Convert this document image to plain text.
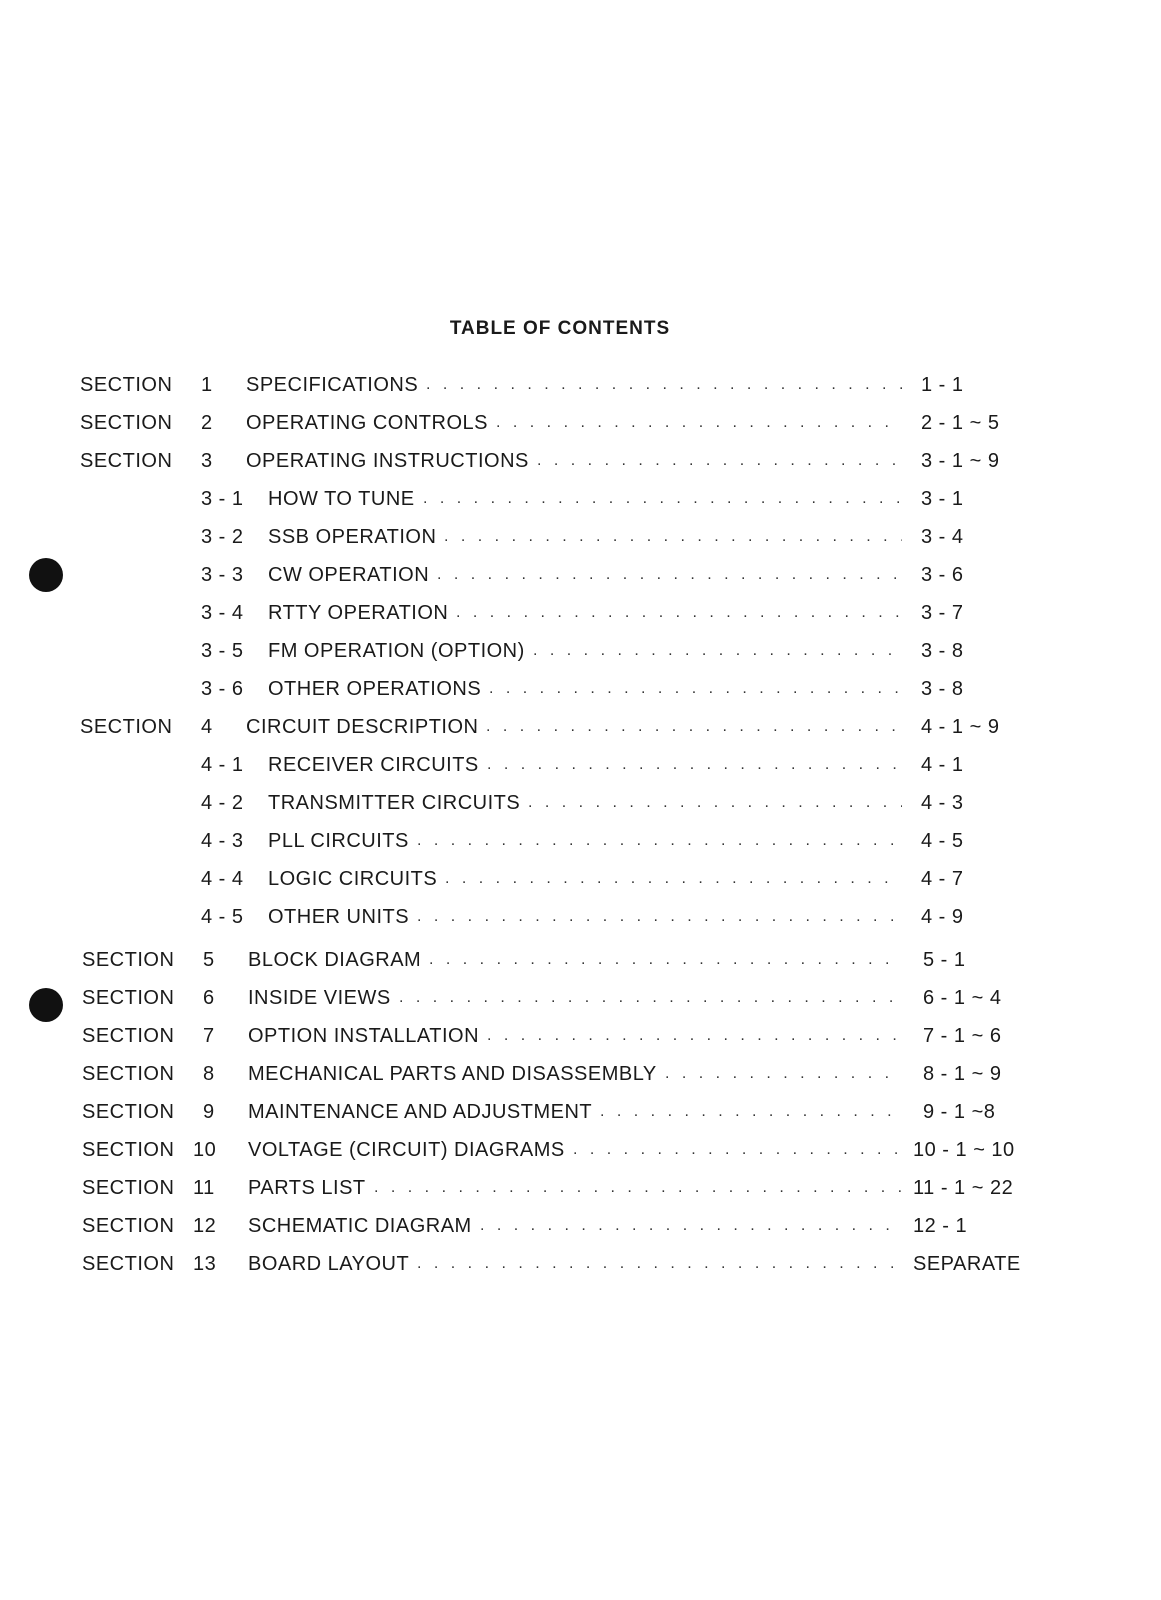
TABLE OF CONTENTS
SECTION 1 SPECIFICATIONS . . .	1 - 1
SECTION 2 OPERATING CONTROLS . . .	2 - 1 ~ 5
SECTION 3 OPERATING INSTRUCTIONS . . .	3 - 1 ~ 9
3 - 1 HOW TO TUNE . . .	3 - 1
3 - 2 SSB OPERATION . . .	3 - 4
3 - 3 CW OPERATION . . .	3 - 6
3 - 4 RTTY OPERATION . . .	3 - 7
3 - 5 FM OPERATION (OPTION) . . .	3 - 8
3 - 6 OTHER OPERATIONS . . .	3 - 8
SECTION 4 CIRCUIT DESCRIPTION . . .	4 - 1 ~ 9
4 - 1 RECEIVER CIRCUITS . . .	4 - 1
4 - 2 TRANSMITTER CIRCUITS . . .	4 - 3
4 - 3 PLL CIRCUITS . . .	4 - 5
4 - 4 LOGIC CIRCUITS . . .	4 - 7
4 - 5 OTHER UNITS . . .	4 - 9
SECTION 5 BLOCK DIAGRAM . . .	5 - 1
SECTION 6 INSIDE VIEWS . . .	6 - 1 ~ 4
SECTION 7 OPTION INSTALLATION . . .	7 - 1 ~ 6
SECTION 8 MECHANICAL PARTS AND DISASSEMBLY . . .	8 - 1 ~ 9
SECTION 9 MAINTENANCE AND ADJUSTMENT . . .	9 - 1 ~8
SECTION 10 VOLTAGE (CIRCUIT) DIAGRAMS . . .	10 - 1 ~ 10
SECTION 11 PARTS LIST . . .	11 - 1 ~ 22
SECTION 12 SCHEMATIC DIAGRAM . . .	12 - 1
SECTION 13 BOARD LAYOUT . . .	SEPARATE
